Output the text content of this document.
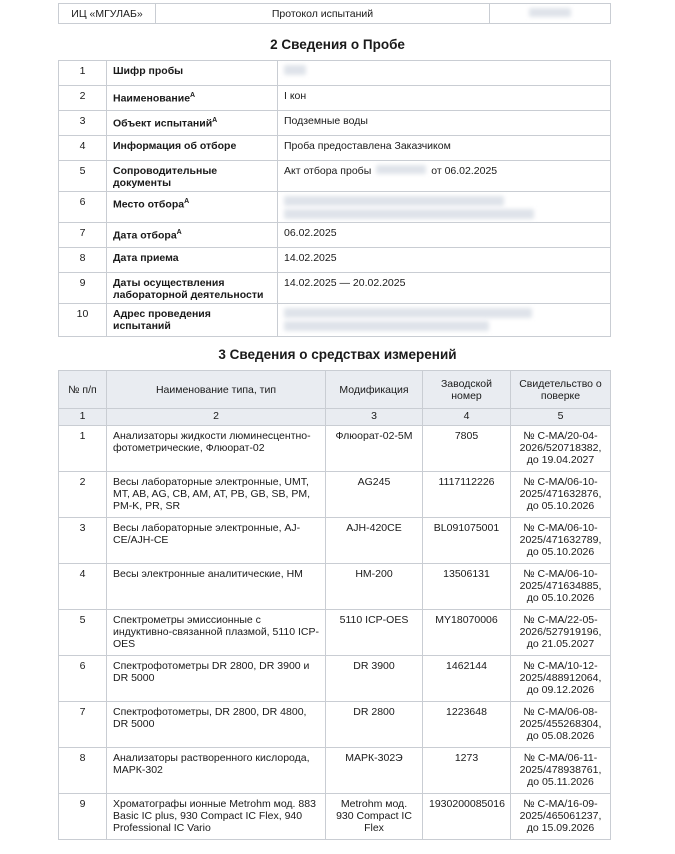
ИЦ «МГУЛАБ»	Протокол испытаний	
2 Сведения о Пробе
1	Шифр пробы	

2	Наименование$^А$	I кон
3	Объект испытаний$^А$	Подземные воды
4	Информация об отборе	Проба предоставлена Заказчиком
5	Сопроводительные документы	Акт отбора пробы от 06.02.2025
6	Место отбора$^А$	

7	Дата отбора$^А$	06.02.2025
8	Дата приема	14.02.2025
9	Даты осуществления лабораторной деятельности	14.02.2025 — 20.02.2025
10	Адрес проведения испытаний	
3 Сведения о средствах измерений
№ п/п	Наименование типа, тип	Модификация	Заводской номер	Свидетельство о поверке
1	2	3	4	5
1	Анализаторы жидкости люминесцентно-фотометрические, Флюорат-02	Флюорат-02-5М	7805	№ С-МА/20-04-2026/520718382, до 19.04.2027
2	Весы лабораторные электронные, UMT, MT, AB, AG, CB, AM, AT, PB, GB, SB, PM, PM-K, PR, SR	AG245	1117112226	№ С-МА/06-10-2025/471632876, до 05.10.2026
3	Весы лабораторные электронные, AJ-CE/AJH-CE	AJH-420CE	BL091075001	№ С-МА/06-10-2025/471632789, до 05.10.2026
4	Весы электронные аналитические, HM	HM-200	13506131	№ С-МА/06-10-2025/471634885, до 05.10.2026
5	Спектрометры эмиссионные с индуктивно-связанной плазмой, 5110 ICP-OES	5110 ICP-OES	MY18070006	№ С-МА/22-05-2026/527919196, до 21.05.2027
6	Спектрофотометры DR 2800, DR 3900 и DR 5000	DR 3900	1462144	№ С-МА/10-12-2025/488912064, до 09.12.2026
7	Спектрофотометры, DR 2800, DR 4800, DR 5000	DR 2800	1223648	№ С-МА/06-08-2025/455268304, до 05.08.2026
8	Анализаторы растворенного кислорода, МАРК-302	МАРК-302Э	1273	№ С-МА/06-11-2025/478938761, до 05.11.2026
9	Хроматографы ионные Metrohm мод. 883 Basic IC plus, 930 Compact IC Flex, 940 Professional IC Vario	Metrohm мод. 930 Compact IC Flex	1930200085016	№ С-МА/16-09-2025/465061237, до 15.09.2026
